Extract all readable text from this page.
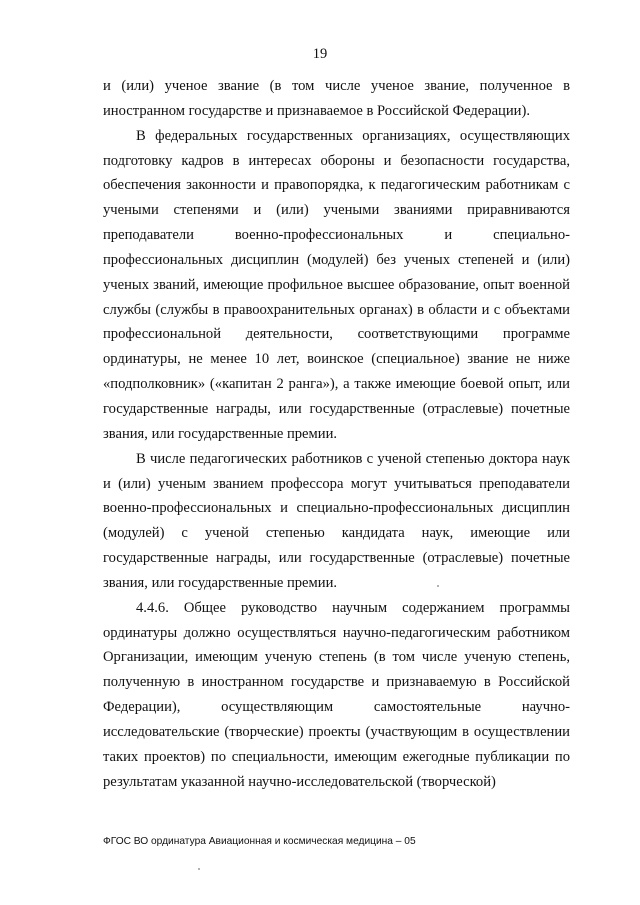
19

и (или) ученое звание (в том числе ученое звание, полученное в иностранном государстве и признаваемое в Российской Федерации).

В федеральных государственных организациях, осуществляющих подготовку кадров в интересах обороны и безопасности государства, обеспечения законности и правопорядка, к педагогическим работникам с учеными степенями и (или) учеными званиями приравниваются преподаватели военно-профессиональных и специально-профессиональных дисциплин (модулей) без ученых степеней и (или) ученых званий, имеющие профильное высшее образование, опыт военной службы (службы в правоохранительных органах) в области и с объектами профессиональной деятельности, соответствующими программе ординатуры, не менее 10 лет, воинское (специальное) звание не ниже «подполковник» («капитан 2 ранга»), а также имеющие боевой опыт, или государственные награды, или государственные (отраслевые) почетные звания, или государственные премии.

В числе педагогических работников с ученой степенью доктора наук и (или) ученым званием профессора могут учитываться преподаватели военно-профессиональных и специально-профессиональных дисциплин (модулей) с ученой степенью кандидата наук, имеющие или государственные награды, или государственные (отраслевые) почетные звания, или государственные премии.

4.4.6. Общее руководство научным содержанием программы ординатуры должно осуществляться научно-педагогическим работником Организации, имеющим ученую степень (в том числе ученую степень, полученную в иностранном государстве и признаваемую в Российской Федерации), осуществляющим самостоятельные научно-исследовательские (творческие) проекты (участвующим в осуществлении таких проектов) по специальности, имеющим ежегодные публикации по результатам указанной научно-исследовательской (творческой)

ФГОС ВО ординатура Авиационная и космическая медицина – 05
